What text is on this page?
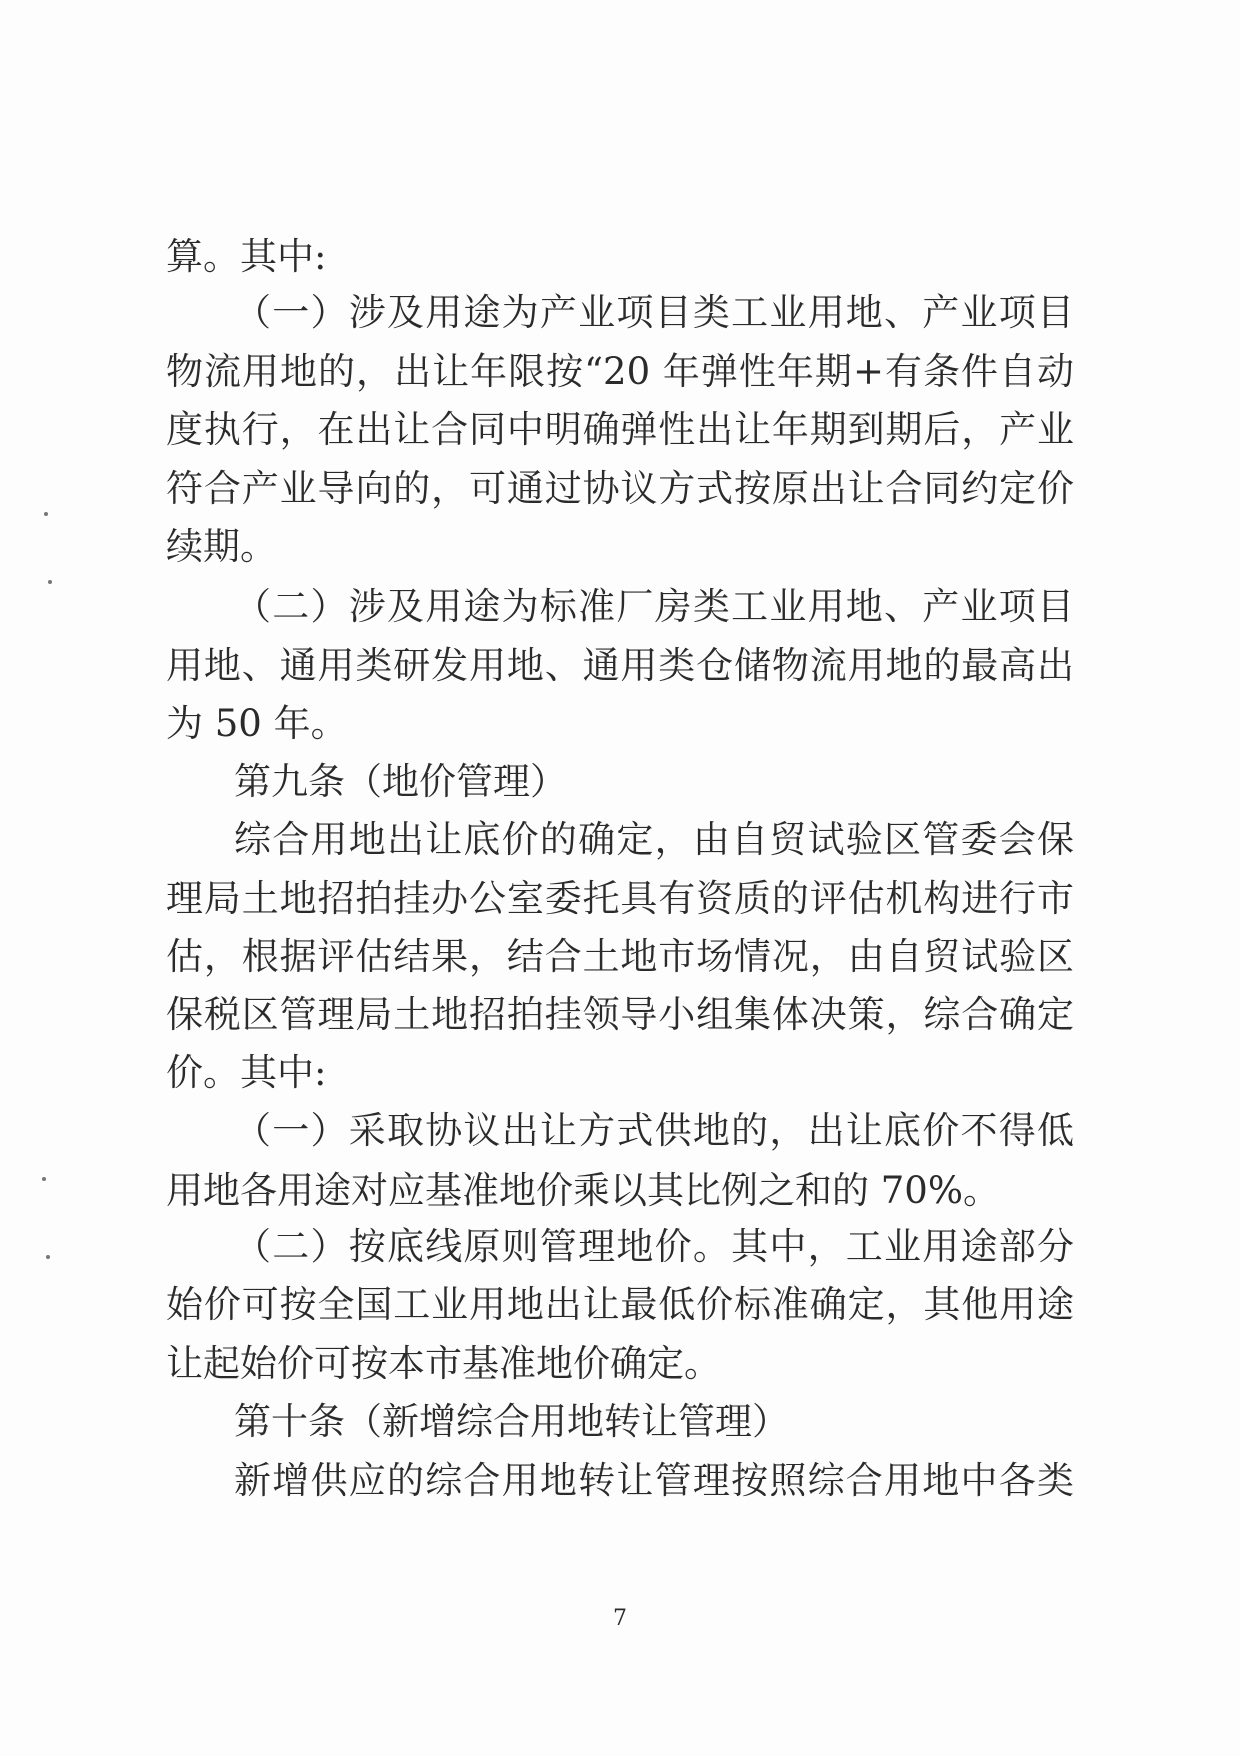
算。其中:
（一）涉及用途为产业项目类工业用地、产业项目
物流用地的，出让年限按“20 年弹性年期+有条件自动
度执行，在出让合同中明确弹性出让年期到期后，产业
符合产业导向的，可通过协议方式按原出让合同约定价
续期。
（二）涉及用途为标准厂房类工业用地、产业项目
用地、通用类研发用地、通用类仓储物流用地的最高出
为 50 年。
第九条（地价管理）
综合用地出让底价的确定，由自贸试验区管委会保
理局土地招拍挂办公室委托具有资质的评估机构进行市
估，根据评估结果，结合土地市场情况，由自贸试验区
保税区管理局土地招拍挂领导小组集体决策，综合确定
价。其中:
（一）采取协议出让方式供地的，出让底价不得低
用地各用途对应基准地价乘以其比例之和的 70%。
（二）按底线原则管理地价。其中，工业用途部分
始价可按全国工业用地出让最低价标准确定，其他用途
让起始价可按本市基准地价确定。
第十条（新增综合用地转让管理）
新增供应的综合用地转让管理按照综合用地中各类
7
